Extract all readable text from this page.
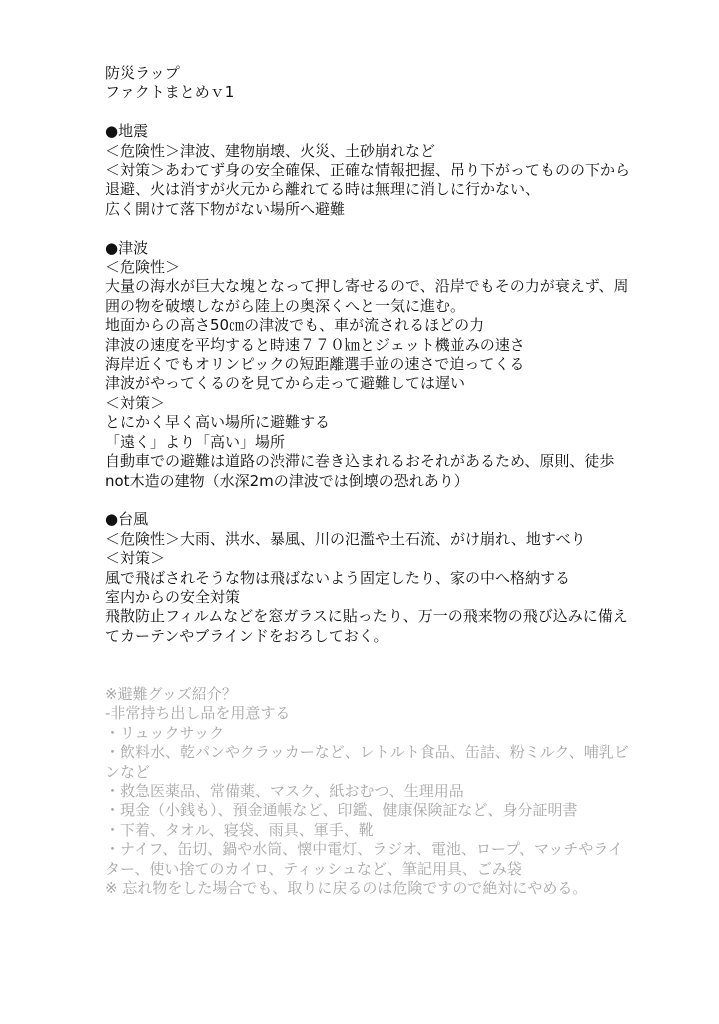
防災ラップ
ファクトまとめｖ1
●地震
＜危険性＞津波、建物崩壊、火災、土砂崩れなど
＜対策＞あわてず身の安全確保、正確な情報把握、吊り下がってものの下から
退避、火は消すが火元から離れてる時は無理に消しに行かない、
広く開けて落下物がない場所へ避難
●津波
＜危険性＞
大量の海水が巨大な塊となって押し寄せるので、沿岸でもその力が衰えず、周
囲の物を破壊しながら陸上の奥深くへと一気に進む。
地面からの高さ50㎝の津波でも、車が流されるほどの力
津波の速度を平均すると時速７７０㎞とジェット機並みの速さ
海岸近くでもオリンピックの短距離選手並の速さで迫ってくる
津波がやってくるのを見てから走って避難しては遅い
＜対策＞
とにかく早く高い場所に避難する
「遠く」より「高い」場所
自動車での避難は道路の渋滞に巻き込まれるおそれがあるため、原則、徒歩
not木造の建物（水深2mの津波では倒壊の恐れあり）
●台風
＜危険性＞大雨、洪水、暴風、川の氾濫や土石流、がけ崩れ、地すべり
＜対策＞
風で飛ばされそうな物は飛ばないよう固定したり、家の中へ格納する
室内からの安全対策
飛散防止フィルムなどを窓ガラスに貼ったり、万一の飛来物の飛び込みに備え
てカーテンやブラインドをおろしておく。
※避難グッズ紹介？
-非常持ち出し品を用意する
・リュックサック
・飲料水、乾パンやクラッカーなど、レトルト食品、缶詰、粉ミルク、哺乳ビ
ンなど
・救急医薬品、常備薬、マスク、紙おむつ、生理用品
・現金（小銭も）、預金通帳など、印鑑、健康保険証など、身分証明書
・下着、タオル、寝袋、雨具、軍手、靴
・ナイフ、缶切、鍋や水筒、懐中電灯、ラジオ、電池、ロープ、マッチやライ
ター、使い捨てのカイロ、ティッシュなど、筆記用具、ごみ袋
※ 忘れ物をした場合でも、取りに戻るのは危険ですので絶対にやめる。
